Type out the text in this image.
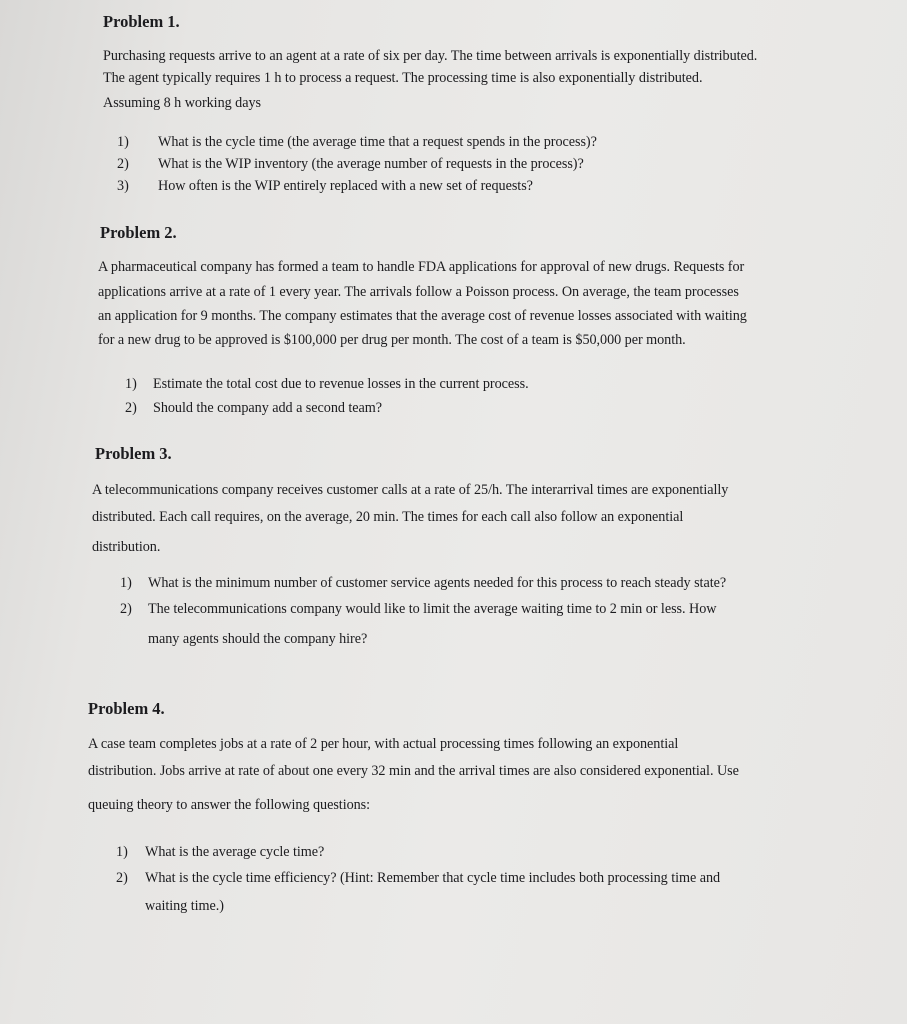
Problem 1.
Purchasing requests arrive to an agent at a rate of six per day. The time between arrivals is exponentially distributed.
The agent typically requires 1 h to process a request. The processing time is also exponentially distributed.
Assuming 8 h working days
1) What is the cycle time (the average time that a request spends in the process)?
2) What is the WIP inventory (the average number of requests in the process)?
3) How often is the WIP entirely replaced with a new set of requests?
Problem 2.
A pharmaceutical company has formed a team to handle FDA applications for approval of new drugs. Requests for
applications arrive at a rate of 1 every year. The arrivals follow a Poisson process. On average, the team processes
an application for 9 months. The company estimates that the average cost of revenue losses associated with waiting
for a new drug to be approved is $100,000 per drug per month. The cost of a team is $50,000 per month.
1) Estimate the total cost due to revenue losses in the current process.
2) Should the company add a second team?
Problem 3.
A telecommunications company receives customer calls at a rate of 25/h. The interarrival times are exponentially
distributed. Each call requires, on the average, 20 min. The times for each call also follow an exponential
distribution.
1) What is the minimum number of customer service agents needed for this process to reach steady state?
2) The telecommunications company would like to limit the average waiting time to 2 min or less. How
many agents should the company hire?
Problem 4.
A case team completes jobs at a rate of 2 per hour, with actual processing times following an exponential
distribution. Jobs arrive at rate of about one every 32 min and the arrival times are also considered exponential. Use
queuing theory to answer the following questions:
1) What is the average cycle time?
2) What is the cycle time efficiency? (Hint: Remember that cycle time includes both processing time and
waiting time.)
